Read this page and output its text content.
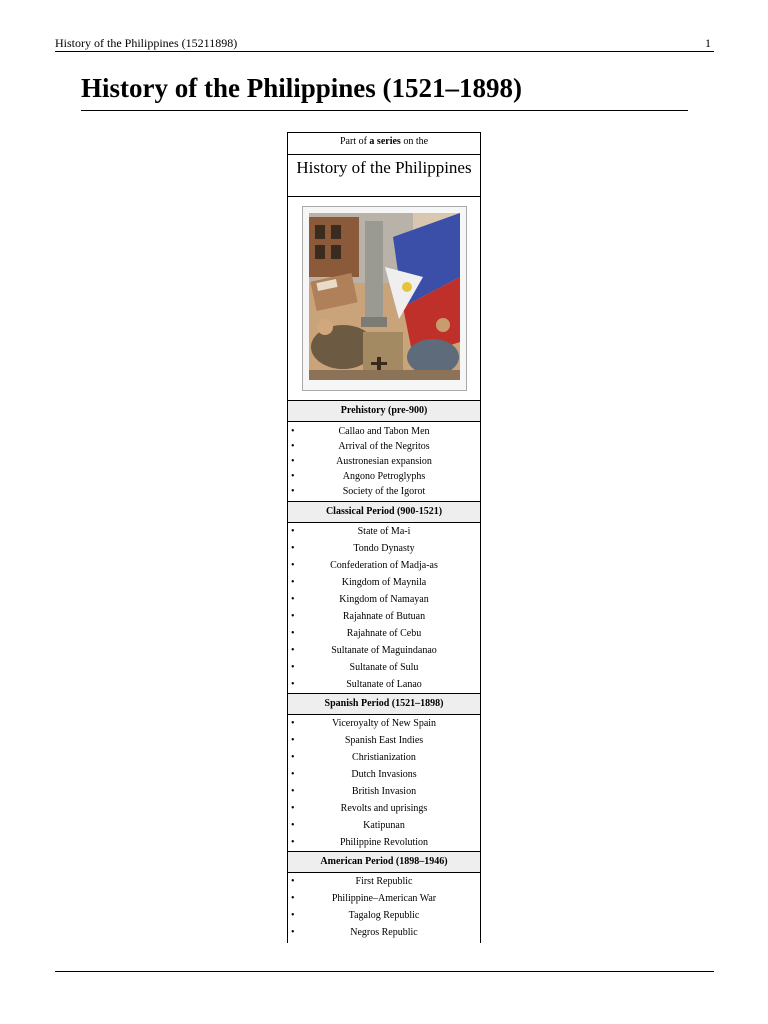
History of the Philippines (15211898)	1
History of the Philippines (1521–1898)
Part of a series on the
History of the Philippines
Prehistory (pre-900)
•	Callao and Tabon Men
•	Arrival of the Negritos
•	Austronesian expansion
•	Angono Petroglyphs
•	Society of the Igorot
Classical Period (900-1521)
•	State of Ma-i
•	Tondo Dynasty
•	Confederation of Madja-as
•	Kingdom of Maynila
•	Kingdom of Namayan
•	Rajahnate of Butuan
•	Rajahnate of Cebu
•	Sultanate of Maguindanao
•	Sultanate of Sulu
•	Sultanate of Lanao
Spanish Period (1521–1898)
•	Viceroyalty of New Spain
•	Spanish East Indies
•	Christianization
•	Dutch Invasions
•	British Invasion
•	Revolts and uprisings
•	Katipunan
•	Philippine Revolution
American Period (1898–1946)
•	First Republic
•	Philippine–American War
•	Tagalog Republic
•	Negros Republic
